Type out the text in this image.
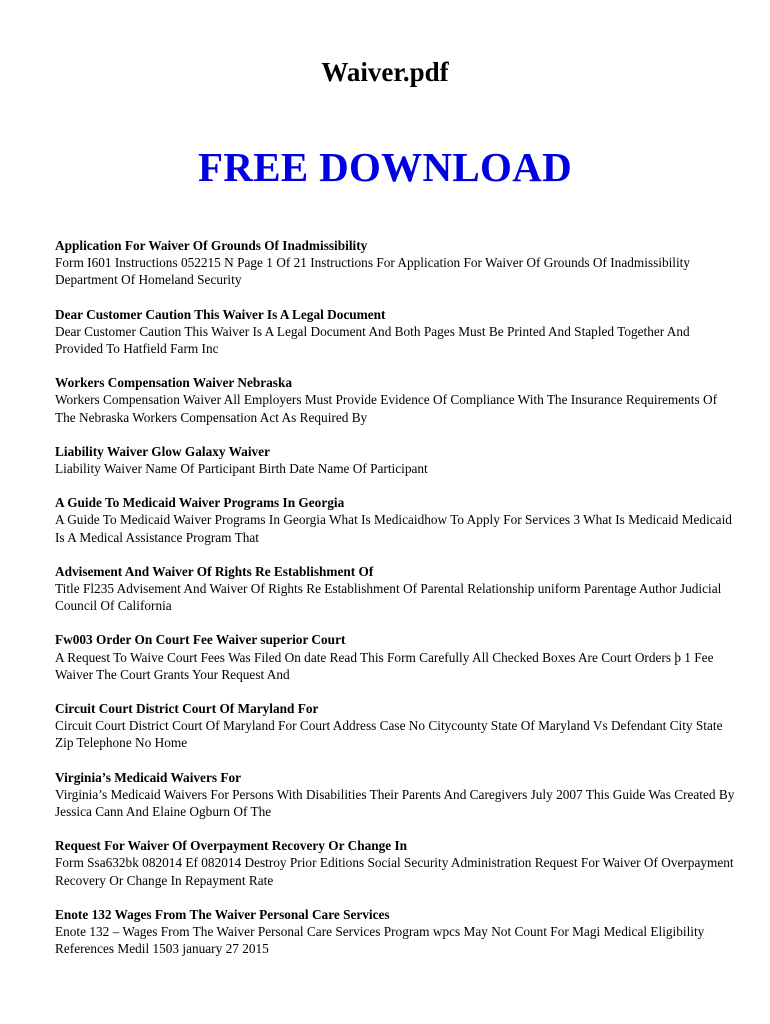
Waiver.pdf

FREE DOWNLOAD

Application For Waiver Of Grounds Of Inadmissibility

Form I601 Instructions 052215 N Page 1 Of 21 Instructions For Application For Waiver Of Grounds Of Inadmissibility Department Of Homeland Security

Dear Customer Caution This Waiver Is A Legal Document

Dear Customer Caution This Waiver Is A Legal Document And Both Pages Must Be Printed And Stapled Together And Provided To Hatfield Farm Inc

Workers Compensation Waiver Nebraska

Workers Compensation Waiver All Employers Must Provide Evidence Of Compliance With The Insurance Requirements Of The Nebraska Workers Compensation Act As Required By

Liability Waiver Glow Galaxy Waiver

Liability Waiver Name Of Participant Birth Date Name Of Participant

A Guide To Medicaid Waiver Programs In Georgia

A Guide To Medicaid Waiver Programs In Georgia What Is Medicaidhow To Apply For Services 3 What Is Medicaid Medicaid Is A Medical Assistance Program That

Advisement And Waiver Of Rights Re Establishment Of

Title Fl235 Advisement And Waiver Of Rights Re Establishment Of Parental Relationship uniform Parentage Author Judicial Council Of California

Fw003 Order On Court Fee Waiver superior Court

A Request To Waive Court Fees Was Filed On date Read This Form Carefully All Checked Boxes Are Court Orders þ 1 Fee Waiver The Court Grants Your Request And

Circuit Court District Court Of Maryland For

Circuit Court District Court Of Maryland For Court Address Case No Citycounty State Of Maryland Vs Defendant City State Zip Telephone No Home

Virginia’s Medicaid Waivers For

Virginia’s Medicaid Waivers For Persons With Disabilities Their Parents And Caregivers July 2007 This Guide Was Created By Jessica Cann And Elaine Ogburn Of The

Request For Waiver Of Overpayment Recovery Or Change In

Form Ssa632bk 082014 Ef 082014 Destroy Prior Editions Social Security Administration Request For Waiver Of Overpayment Recovery Or Change In Repayment Rate

Enote 132 Wages From The Waiver Personal Care Services

Enote 132 – Wages From The Waiver Personal Care Services Program wpcs May Not Count For Magi Medical Eligibility References Medil 1503 january 27 2015
